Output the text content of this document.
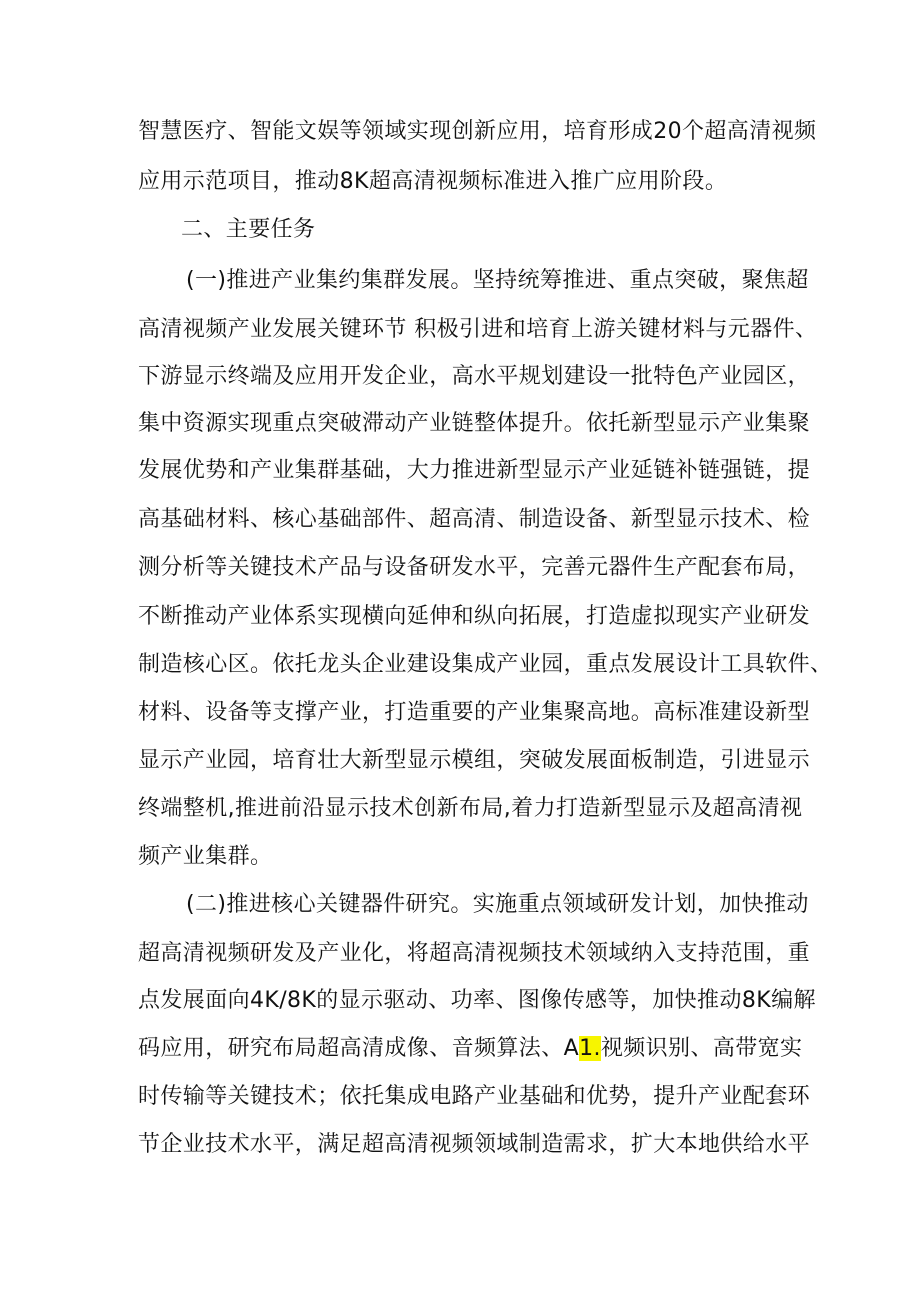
智慧医疗、智能文娱等领域实现创新应用，培育形成20个超高清视频

应用示范项目，推动8K超高清视频标准进入推广应用阶段。

二、主要任务

(一)推进产业集约集群发展。坚持统筹推进、重点突破，聚焦超

高清视频产业发展关键环节 积极引进和培育上游关键材料与元器件、

下游显示终端及应用开发企业，高水平规划建设一批特色产业园区，

集中资源实现重点突破滞动产业链整体提升。依托新型显示产业集聚

发展优势和产业集群基础，大力推进新型显示产业延链补链强链，提

高基础材料、核心基础部件、超高清、制造设备、新型显示技术、检

测分析等关键技术产品与设备研发水平，完善元器件生产配套布局，

不断推动产业体系实现横向延伸和纵向拓展，打造虚拟现实产业研发

制造核心区。依托龙头企业建设集成产业园，重点发展设计工具软件、

材料、设备等支撑产业，打造重要的产业集聚高地。高标准建设新型

显示产业园，培育壮大新型显示模组，突破发展面板制造，引进显示

终端整机,推进前沿显示技术创新布局,着力打造新型显示及超高清视

频产业集群。

(二)推进核心关键器件研究。实施重点领域研发计划，加快推动

超高清视频研发及产业化，将超高清视频技术领域纳入支持范围，重

点发展面向4K/8K的显示驱动、功率、图像传感等，加快推动8K编解

码应用，研究布局超高清成像、音频算法、A1.视频识别、高带宽实

时传输等关键技术；依托集成电路产业基础和优势，提升产业配套环

节企业技术水平，满足超高清视频领域制造需求，扩大本地供给水平
